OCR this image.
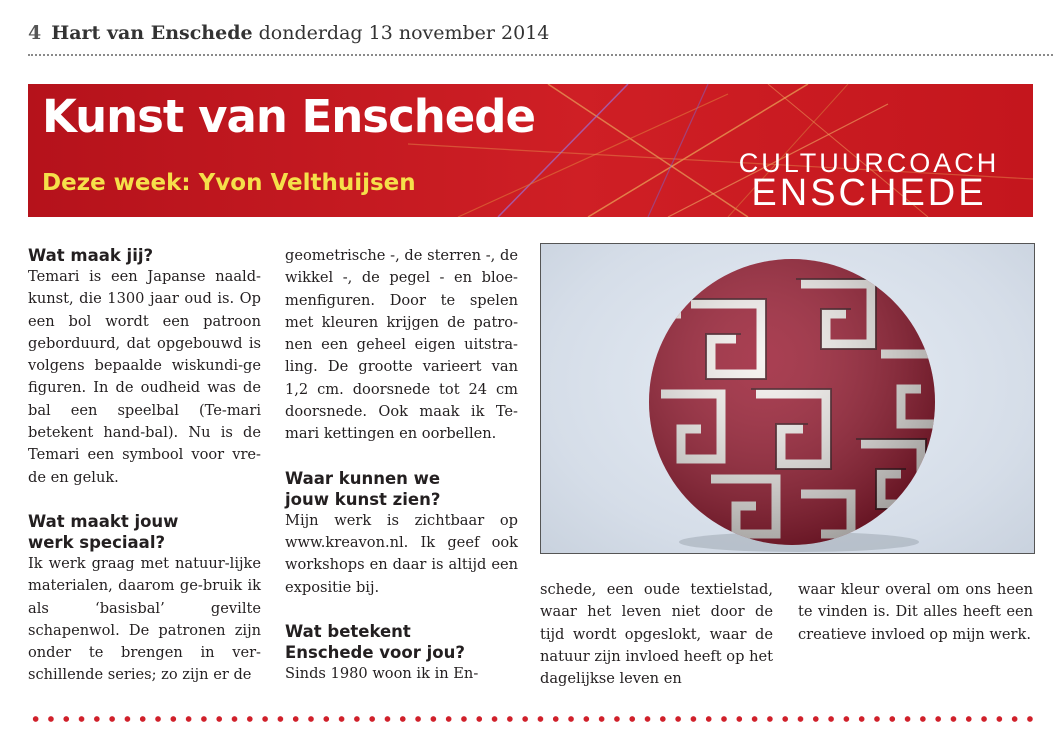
4 Hart van Enschede donderdag 13 november 2014
Kunst van Enschede
Deze week: Yvon Velthuijsen
CULTUURCOACH
ENSCHEDE
Wat maak jij?

Temari is een Japanse naald-kunst, die 1300 jaar oud is. Op een bol wordt een patroon geborduurd, dat opgebouwd is volgens bepaalde wiskundi-ge figuren. In de oudheid was de bal een speelbal (Te-mari betekent hand-bal). Nu is de Temari een symbool voor vre-de en geluk.

Wat maakt jouw
werk speciaal?

Ik werk graag met natuur-lijke materialen, daarom ge-bruik ik als ‘basisbal’ gevilte schapenwol. De patronen zijn onder te brengen in ver-schillende series; zo zijn er de

geometrische -, de sterren -, de wikkel -, de pegel - en bloe-menfiguren. Door te spelen met kleuren krijgen de patro-nen een geheel eigen uitstra-ling. De grootte varieert van 1,2 cm. doorsnede tot 24 cm doorsnede. Ook maak ik Te-mari kettingen en oorbellen.

Waar kunnen we
jouw kunst zien?

Mijn werk is zichtbaar op www.kreavon.nl. Ik geef ook workshops en daar is altijd een expositie bij.

Wat betekent
Enschede voor jou?

Sinds 1980 woon ik in En-

schede, een oude textielstad, waar het leven niet door de tijd wordt opgeslokt, waar de natuur zijn invloed heeft op het dagelijkse leven en

waar kleur overal om ons heen te vinden is. Dit alles heeft een creatieve invloed op mijn werk.
